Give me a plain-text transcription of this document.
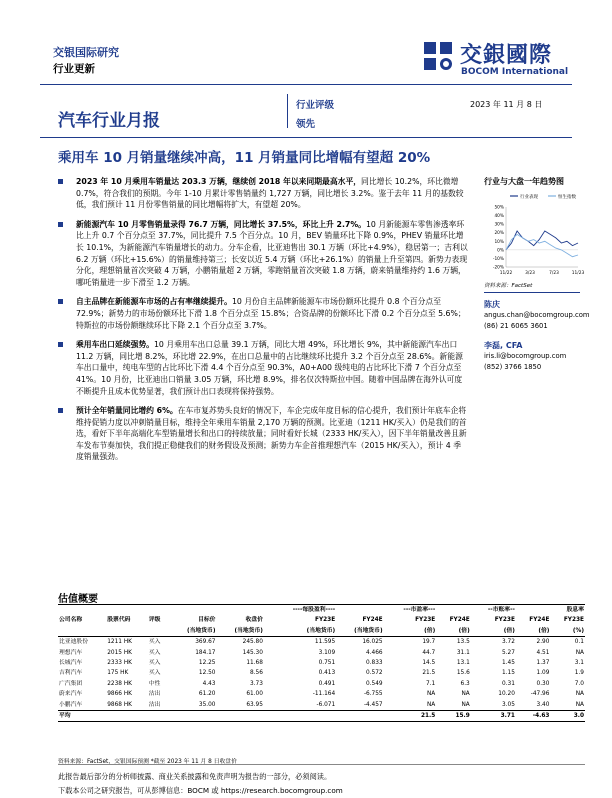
交银国际研究
行业更新
交銀國際
BOCOM International
汽车行业月报
行业评级
领先
2023 年 11 月 8 日
乘用车 10 月销量继续冲高，11 月销量同比增幅有望超 20%
2023 年 10 月乘用车销量达 203.3 万辆，继续创 2018 年以来同期最高水平，同比增长 10.2%，环比微增 0.7%，符合我们的预期。今年 1-10 月累计零售销量约 1,727 万辆，同比增长 3.2%。鉴于去年 11 月的基数较低，我们预计 11 月份零售销量的同比增幅将扩大，有望超 20%。
新能源汽车 10 月零售销量录得 76.7 万辆，同比增长 37.5%，环比上升 2.7%。10 月新能源车零售渗透率环比上升 0.7 个百分点至 37.7%，同比提升 7.5 个百分点。10 月，BEV 销量环比下降 0.9%，PHEV 销量环比增长 10.1%，为新能源汽车销量增长的动力。分车企看，比亚迪售出 30.1 万辆（环比+4.9%），稳居第一；吉利以 6.2 万辆（环比+15.6%）的销量维持第三；长安以近 5.4 万辆（环比+26.1%）的销量上升至第四。新势力表现分化，理想销量首次突破 4 万辆，小鹏销量超 2 万辆，零跑销量首次突破 1.8 万辆，蔚来销量维持约 1.6 万辆，哪吒销量进一步下滑至 1.2 万辆。
自主品牌在新能源车市场的占有率继续提升。10 月份自主品牌新能源车市场份额环比提升 0.8 个百分点至 72.9%；新势力的市场份额环比下滑 1.8 个百分点至 15.8%；合资品牌的份额环比下滑 0.2 个百分点至 5.6%；特斯拉的市场份额继续环比下降 2.1 个百分点至 3.7%。
乘用车出口延续强势。10 月乘用车出口总量 39.1 万辆，同比大增 49%，环比增长 9%，其中新能源汽车出口 11.2 万辆，同比增 8.2%，环比增 22.9%，在出口总量中的占比继续环比提升 3.2 个百分点至 28.6%。新能源车出口量中，纯电车型的占比环比下滑 4.4 个百分点至 90.3%，A0+A00 级纯电的占比环比下滑 7 个百分点至 41%。10 月份，比亚迪出口销量 3.05 万辆，环比增 8.9%，排名仅次特斯拉中国。随着中国品牌在海外认可度不断提升且成本优势显著，我们预计出口表现将保持强势。
预计全年销量同比增约 6%。在车市复苏势头良好的情况下，车企完成年度目标的信心提升，我们预计年底车企将维持促销力度以冲刺销量目标，维持全年乘用车销量 2,170 万辆的预测。比亚迪（1211 HK/买入）仍是我们的首选，看好下半年高端化车型销量增长和出口的持续放量；同时看好长城（2333 HK/买入），因下半年销量改善且新车发布节奏加快，我们提正稳健我们的财务假设及预测；新势力车企首推理想汽车（2015 HK/买入），预计 4 季度销量强劲。
行业与大盘一年趋势图
行业表现	恒生指数
50%
40%
30%
20%
10%
0%
-10%
-20%
11/22	3/23	7/23	11/23
资料来源：FactSet
陈庆
angus.chan@bocomgroup.com
(86) 21 6065 3601
李磊, CFA
iris.li@bocomgroup.com
(852) 3766 1850
估值概要
						----每股盈利----		---市盈率---		--市账率--		股息率
公司名称	股票代码	评级	目标价	收盘价		FY23E	FY24E	FY23E	FY24E	FY23E	FY24E	FY23E
			(当地货币)	(当地货币)		(当地货币)	(当地货币)	(倍)	(倍)	(倍)	(倍)	(%)
比亚迪股份	1211 HK	买入	369.67	245.80		11.595	16.025	19.7	13.5	3.72	2.90	0.1
理想汽车	2015 HK	买入	184.17	145.30		3.109	4.466	44.7	31.1	5.27	4.51	NA
长城汽车	2333 HK	买入	12.25	11.68		0.751	0.833	14.5	13.1	1.45	1.37	3.1
吉利汽车	175 HK	买入	12.50	8.56		0.413	0.572	21.5	15.6	1.15	1.09	1.9
广汽集团	2238 HK	中性	4.43	3.73		0.491	0.549	7.1	6.3	0.31	0.30	7.0
蔚来汽车	9866 HK	沽出	61.20	61.00		-11.164	-6.755	NA	NA	10.20	-47.96	NA
小鹏汽车	9868 HK	沽出	35.00	63.95		-6.071	-4.457	NA	NA	3.05	3.40	NA
平均								21.5	15.9	3.71	-4.63	3.0
资料来源：FactSet，交银国际预测 *截至 2023 年 11 月 8 日收盘价
此报告最后部分的分析师披露、商业关系披露和免责声明为报告的一部分，必须阅读。
下载本公司之研究报告，可从彭博信息：BOCM 或 https://research.bocomgroup.com
